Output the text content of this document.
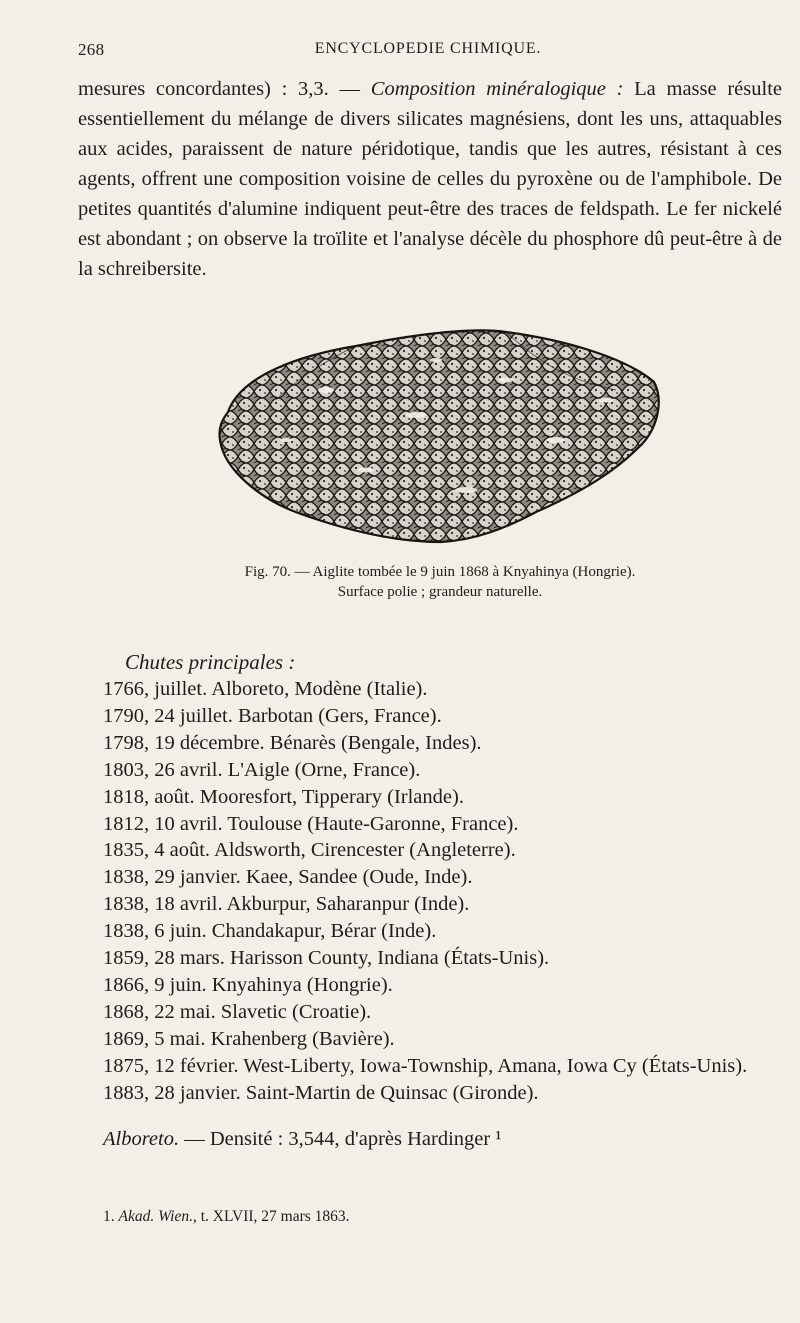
268	ENCYCLOPEDIE CHIMIQUE.
mesures concordantes) : 3,3. — Composition minéralogique : La masse résulte essentiellement du mélange de divers silicates magnésiens, dont les uns, attaquables aux acides, paraissent de nature péridotique, tandis que les autres, résistant à ces agents, offrent une composition voisine de celles du pyroxène ou de l'amphibole. De petites quantités d'alumine indiquent peut-être des traces de feldspath. Le fer nickelé est abondant ; on observe la troïlite et l'analyse décèle du phosphore dû peut-être à de la schreibersite.
Fig. 70. — Aiglite tombée le 9 juin 1868 à Knyahinya (Hongrie).
Surface polie ; grandeur naturelle.
Chutes principales :
1766, juillet. Alboreto, Modène (Italie).
1790, 24 juillet. Barbotan (Gers, France).
1798, 19 décembre. Bénarès (Bengale, Indes).
1803, 26 avril. L'Aigle (Orne, France).
1818, août. Mooresfort, Tipperary (Irlande).
1812, 10 avril. Toulouse (Haute-Garonne, France).
1835, 4 août. Aldsworth, Cirencester (Angleterre).
1838, 29 janvier. Kaee, Sandee (Oude, Inde).
1838, 18 avril. Akburpur, Saharanpur (Inde).
1838, 6 juin. Chandakapur, Bérar (Inde).
1859, 28 mars. Harisson County, Indiana (États-Unis).
1866, 9 juin. Knyahinya (Hongrie).
1868, 22 mai. Slavetic (Croatie).
1869, 5 mai. Krahenberg (Bavière).
1875, 12 février. West-Liberty, Iowa-Township, Amana, Iowa Cy (États-Unis).
1883, 28 janvier. Saint-Martin de Quinsac (Gironde).
Alboreto. — Densité : 3,544, d'après Hardinger ¹
1. Akad. Wien., t. XLVII, 27 mars 1863.
